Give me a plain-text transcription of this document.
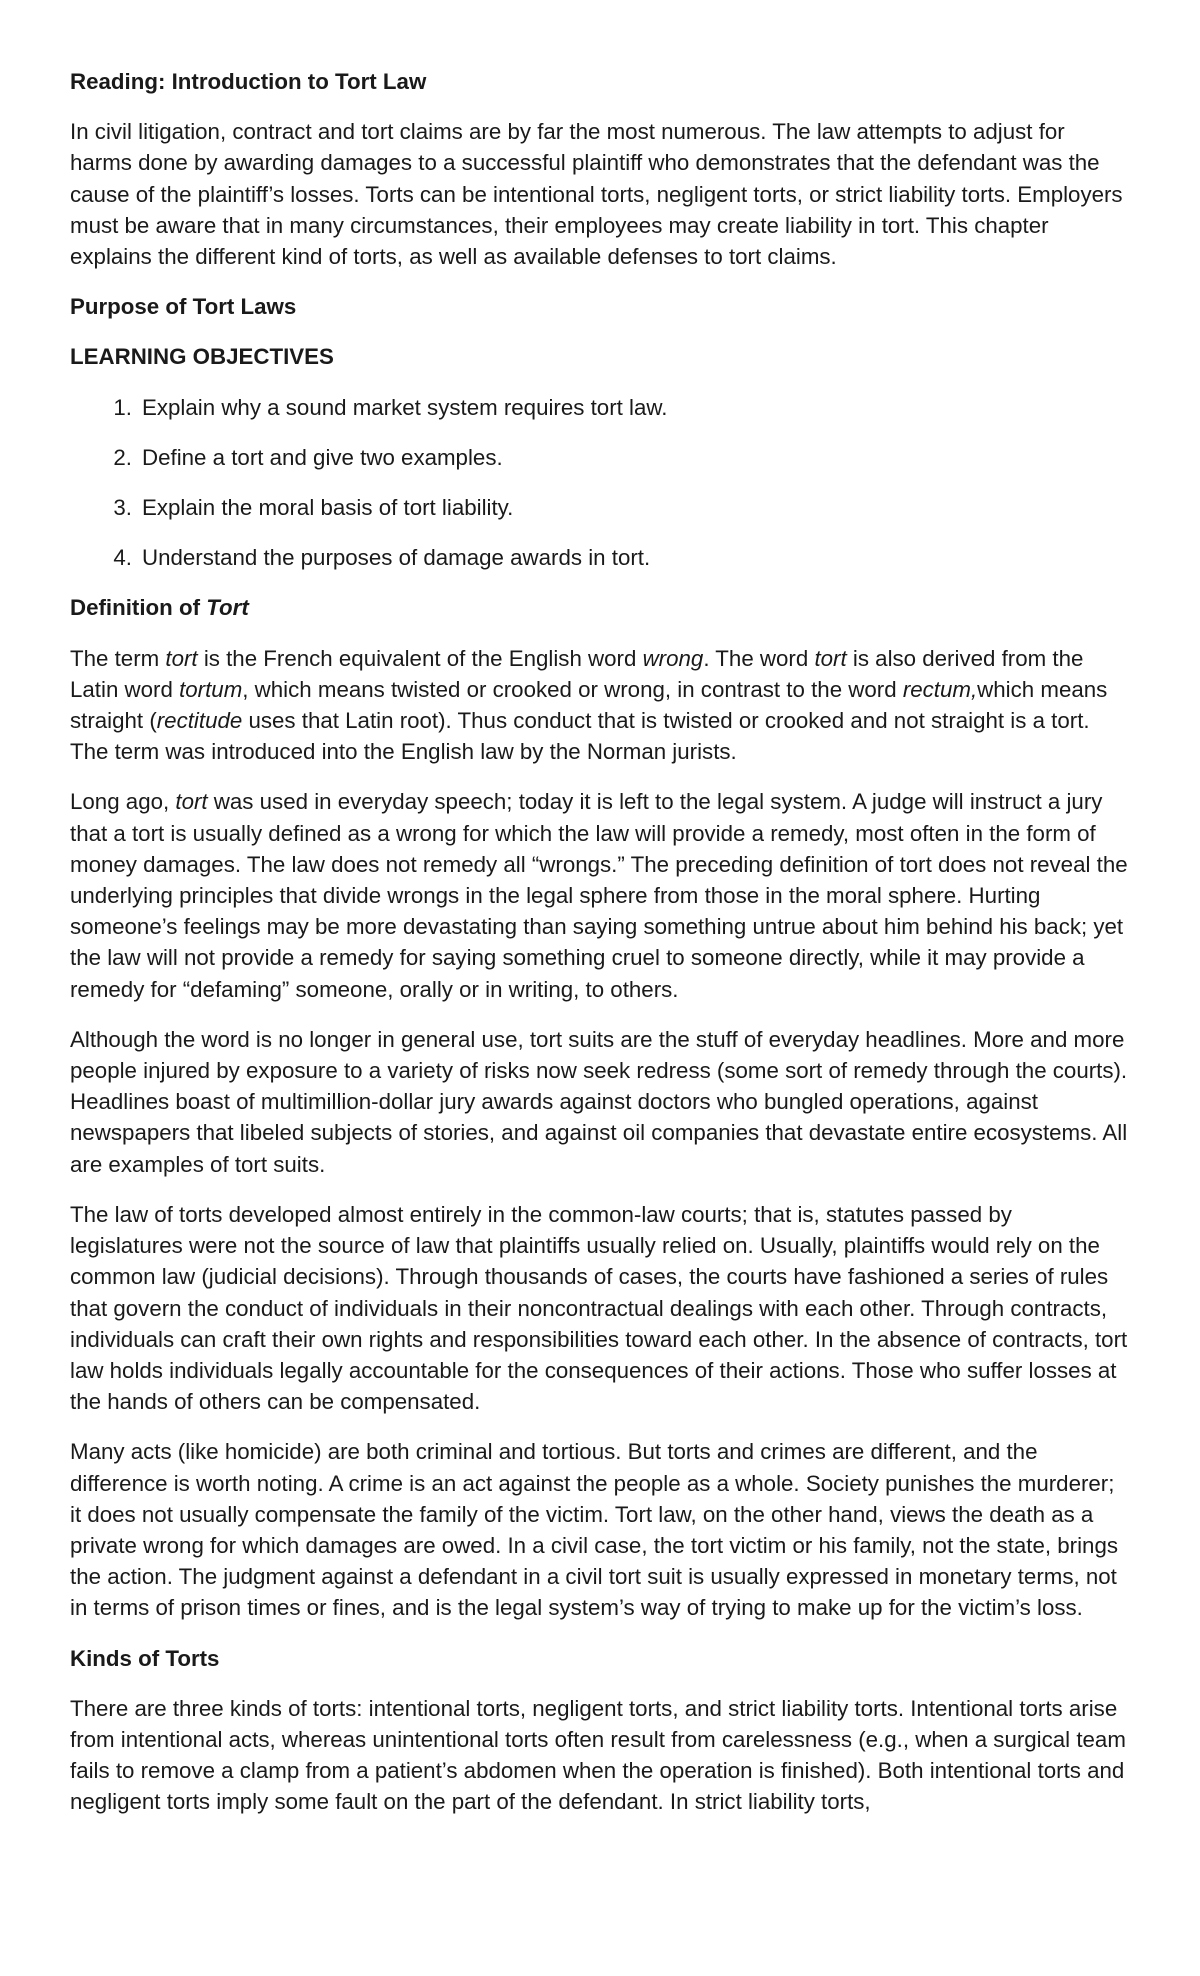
Reading: Introduction to Tort Law

In civil litigation, contract and tort claims are by far the most numerous. The law attempts to adjust for harms done by awarding damages to a successful plaintiff who demonstrates that the defendant was the cause of the plaintiff’s losses. Torts can be intentional torts, negligent torts, or strict liability torts. Employers must be aware that in many circumstances, their employees may create liability in tort. This chapter explains the different kind of torts, as well as available defenses to tort claims.

Purpose of Tort Laws
LEARNING OBJECTIVES
1. Explain why a sound market system requires tort law.
2. Define a tort and give two examples.
3. Explain the moral basis of tort liability.
4. Understand the purposes of damage awards in tort.
Definition of Tort

The term tort is the French equivalent of the English word wrong. The word tort is also derived from the Latin word tortum, which means twisted or crooked or wrong, in contrast to the word rectum,which means straight (rectitude uses that Latin root). Thus conduct that is twisted or crooked and not straight is a tort. The term was introduced into the English law by the Norman jurists.

Long ago, tort was used in everyday speech; today it is left to the legal system. A judge will instruct a jury that a tort is usually defined as a wrong for which the law will provide a remedy, most often in the form of money damages. The law does not remedy all “wrongs.” The preceding definition of tort does not reveal the underlying principles that divide wrongs in the legal sphere from those in the moral sphere. Hurting someone’s feelings may be more devastating than saying something untrue about him behind his back; yet the law will not provide a remedy for saying something cruel to someone directly, while it may provide a remedy for “defaming” someone, orally or in writing, to others.

Although the word is no longer in general use, tort suits are the stuff of everyday headlines. More and more people injured by exposure to a variety of risks now seek redress (some sort of remedy through the courts). Headlines boast of multimillion-dollar jury awards against doctors who bungled operations, against newspapers that libeled subjects of stories, and against oil companies that devastate entire ecosystems. All are examples of tort suits.

The law of torts developed almost entirely in the common-law courts; that is, statutes passed by legislatures were not the source of law that plaintiffs usually relied on. Usually, plaintiffs would rely on the common law (judicial decisions). Through thousands of cases, the courts have fashioned a series of rules that govern the conduct of individuals in their noncontractual dealings with each other. Through contracts, individuals can craft their own rights and responsibilities toward each other. In the absence of contracts, tort law holds individuals legally accountable for the consequences of their actions. Those who suffer losses at the hands of others can be compensated.

Many acts (like homicide) are both criminal and tortious. But torts and crimes are different, and the difference is worth noting. A crime is an act against the people as a whole. Society punishes the murderer; it does not usually compensate the family of the victim. Tort law, on the other hand, views the death as a private wrong for which damages are owed. In a civil case, the tort victim or his family, not the state, brings the action. The judgment against a defendant in a civil tort suit is usually expressed in monetary terms, not in terms of prison times or fines, and is the legal system’s way of trying to make up for the victim’s loss.

Kinds of Torts

There are three kinds of torts: intentional torts, negligent torts, and strict liability torts. Intentional torts arise from intentional acts, whereas unintentional torts often result from carelessness (e.g., when a surgical team fails to remove a clamp from a patient’s abdomen when the operation is finished). Both intentional torts and negligent torts imply some fault on the part of the defendant. In strict liability torts,
